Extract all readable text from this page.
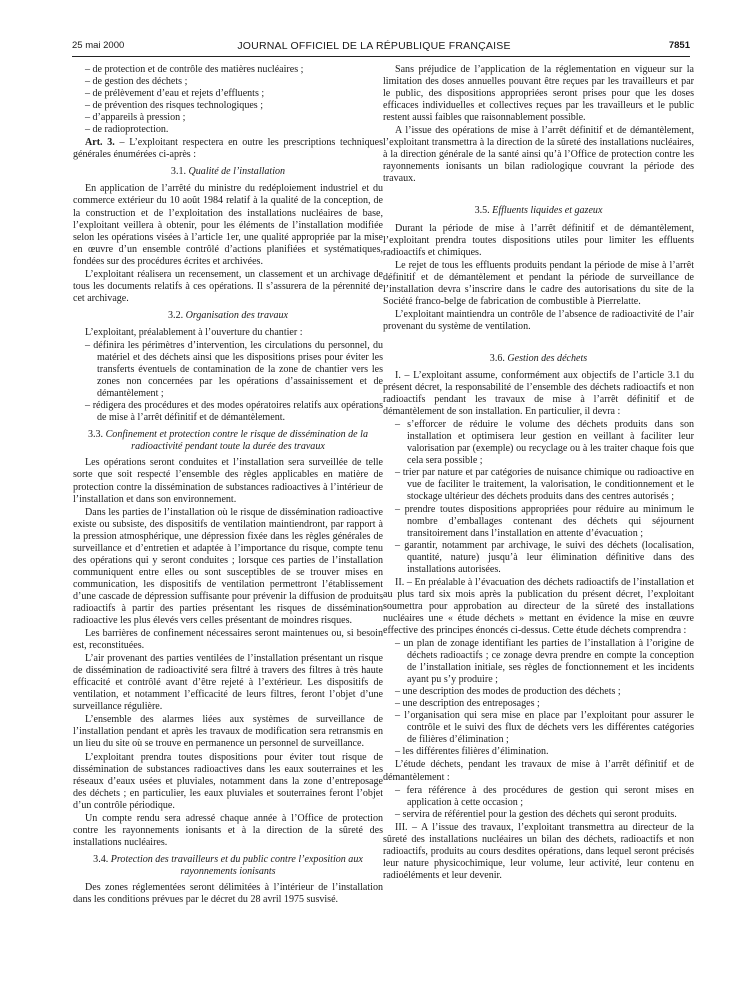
25 mai 2000	JOURNAL OFFICIEL DE LA RÉPUBLIQUE FRANÇAISE	7851
– de protection et de contrôle des matières nucléaires ;
– de gestion des déchets ;
– de prélèvement d’eau et rejets d’effluents ;
– de prévention des risques technologiques ;
– d’appareils à pression ;
– de radioprotection.

Art. 3. – L’exploitant respectera en outre les prescriptions techniques générales énumérées ci-après :

3.1. Qualité de l’installation

En application de l’arrêté du ministre du redéploiement industriel et du commerce extérieur du 10 août 1984 relatif à la qualité de la conception, de la construction et de l’exploitation des installations nucléaires de base, l’exploitant veillera à obtenir, pour les éléments de l’installation modifiée selon les opérations visées à l’article 1er, une qualité appropriée par la mise en œuvre d’un ensemble contrôlé d’actions planifiées et systématiques, fondées sur des procédures écrites et archivées.

L’exploitant réalisera un recensement, un classement et un archivage de tous les documents relatifs à ces opérations. Il s’assurera de la pérennité de cet archivage.

3.2. Organisation des travaux

L’exploitant, préalablement à l’ouverture du chantier :

– définira les périmètres d’intervention, les circulations du personnel, du matériel et des déchets ainsi que les dispositions prises pour éviter les transferts éventuels de contamination de la zone de chantier vers les zones non concernées par les opérations d’assainissement et de démantèlement ;
– rédigera des procédures et des modes opératoires relatifs aux opérations de mise à l’arrêt définitif et de démantèlement.
3.3. Confinement et protection contre le risque de dissémination de la radioactivité pendant toute la durée des travaux

Les opérations seront conduites et l’installation sera surveillée de telle sorte que soit respecté l’ensemble des règles applicables en matière de protection contre la dissémination de substances radioactives à l’intérieur de l’installation et dans son environnement.

Dans les parties de l’installation où le risque de dissémination radioactive existe ou subsiste, des dispositifs de ventilation maintiendront, par rapport à la pression atmosphérique, une dépression fixée dans les règles générales de surveillance et d’entretien et adaptée à l’importance du risque, compte tenu des opérations qui y seront conduites ; lorsque ces parties de l’installation communiquent entre elles ou sont susceptibles de se trouver mises en communication, les dispositifs de ventilation permettront l’établissement d’une cascade de dépression suffisante pour prévenir la diffusion de produits radioactifs à partir des parties présentant les risques de dissémination radioactive les plus élevés vers celles présentant de moindres risques.

Les barrières de confinement nécessaires seront maintenues ou, si besoin est, reconstituées.

L’air provenant des parties ventilées de l’installation présentant un risque de dissémination de radioactivité sera filtré à travers des filtres à très haute efficacité et contrôlé avant d’être rejeté à l’extérieur. Les dispositifs de ventilation, et notamment l’efficacité de leurs filtres, feront l’objet d’une surveillance régulière.

L’ensemble des alarmes liées aux systèmes de surveillance de l’installation pendant et après les travaux de modification sera retransmis en un lieu du site où se trouve en permanence un personnel de surveillance.

L’exploitant prendra toutes dispositions pour éviter tout risque de dissémination de substances radioactives dans les eaux souterraines et les réseaux d’eaux usées et pluviales, notamment dans la zone d’entreposage des déchets ; en particulier, les eaux pluviales et souterraines feront l’objet d’un contrôle périodique.

Un compte rendu sera adressé chaque année à l’Office de protection contre les rayonnements ionisants et à la direction de la sûreté des installations nucléaires.

3.4. Protection des travailleurs et du public contre l’exposition aux rayonnements ionisants

Des zones réglementées seront délimitées à l’intérieur de l’installation dans les conditions prévues par le décret du 28 avril 1975 susvisé.

Sans préjudice de l’application de la réglementation en vigueur sur la limitation des doses annuelles pouvant être reçues par les travailleurs et par le public, des dispositions appropriées seront prises pour que les doses efficaces individuelles et collectives reçues par les travailleurs et le public restent aussi faibles que raisonnablement possible.

A l’issue des opérations de mise à l’arrêt définitif et de démantèlement, l’exploitant transmettra à la direction de la sûreté des installations nucléaires, à la direction générale de la santé ainsi qu’à l’Office de protection contre les rayonnements ionisants un bilan radiologique couvrant la période des travaux.

3.5. Effluents liquides et gazeux

Durant la période de mise à l’arrêt définitif et de démantèlement, l’exploitant prendra toutes dispositions utiles pour limiter les effluents radioactifs et chimiques.

Le rejet de tous les effluents produits pendant la période de mise à l’arrêt définitif et de démantèlement et pendant la période de surveillance de l’installation devra s’inscrire dans le cadre des autorisations du site de la Société franco-belge de fabrication de combustible à Pierrelatte.

L’exploitant maintiendra un contrôle de l’absence de radioactivité de l’air provenant du système de ventilation.

3.6. Gestion des déchets

I. – L’exploitant assume, conformément aux objectifs de l’article 3.1 du présent décret, la responsabilité de l’ensemble des déchets radioactifs et non radioactifs pendant les travaux de mise à l’arrêt définitif et de démantèlement de son installation. En particulier, il devra :

– s’efforcer de réduire le volume des déchets produits dans son installation et optimisera leur gestion en veillant à faciliter leur valorisation par (exemple) ou recyclage ou à les traiter chaque fois que cela sera possible ;
– trier par nature et par catégories de nuisance chimique ou radioactive en vue de faciliter le traitement, la valorisation, le conditionnement et le stockage ultérieur des déchets produits dans des centres autorisés ;
– prendre toutes dispositions appropriées pour réduire au minimum le nombre d’emballages contenant des déchets qui séjournent transitoirement dans l’installation en attente d’évacuation ;
– garantir, notamment par archivage, le suivi des déchets (localisation, quantité, nature) jusqu’à leur élimination définitive dans des installations autorisées.

II. – En préalable à l’évacuation des déchets radioactifs de l’installation et au plus tard six mois après la publication du présent décret, l’exploitant soumettra pour approbation au directeur de la sûreté des installations nucléaires une « étude déchets » mettant en évidence la mise en œuvre effective des principes énoncés ci-dessus. Cette étude déchets comprendra :

– un plan de zonage identifiant les parties de l’installation à l’origine de déchets radioactifs ; ce zonage devra prendre en compte la conception de l’installation initiale, ses règles de fonctionnement et les incidents ayant pu s’y produire ;
– une description des modes de production des déchets ;
– une description des entreposages ;
– l’organisation qui sera mise en place par l’exploitant pour assurer le contrôle et le suivi des flux de déchets vers les différentes catégories de filières d’élimination ;
– les différentes filières d’élimination.

L’étude déchets, pendant les travaux de mise à l’arrêt définitif et de démantèlement :

– fera référence à des procédures de gestion qui seront mises en application à cette occasion ;
– servira de référentiel pour la gestion des déchets qui seront produits.

III. – A l’issue des travaux, l’exploitant transmettra au directeur de la sûreté des installations nucléaires un bilan des déchets, radioactifs et non radioactifs, produits au cours desdites opérations, dans lequel seront précisés leur nature physicochimique, leur volume, leur activité, leur contenu en radioéléments et leur devenir.
